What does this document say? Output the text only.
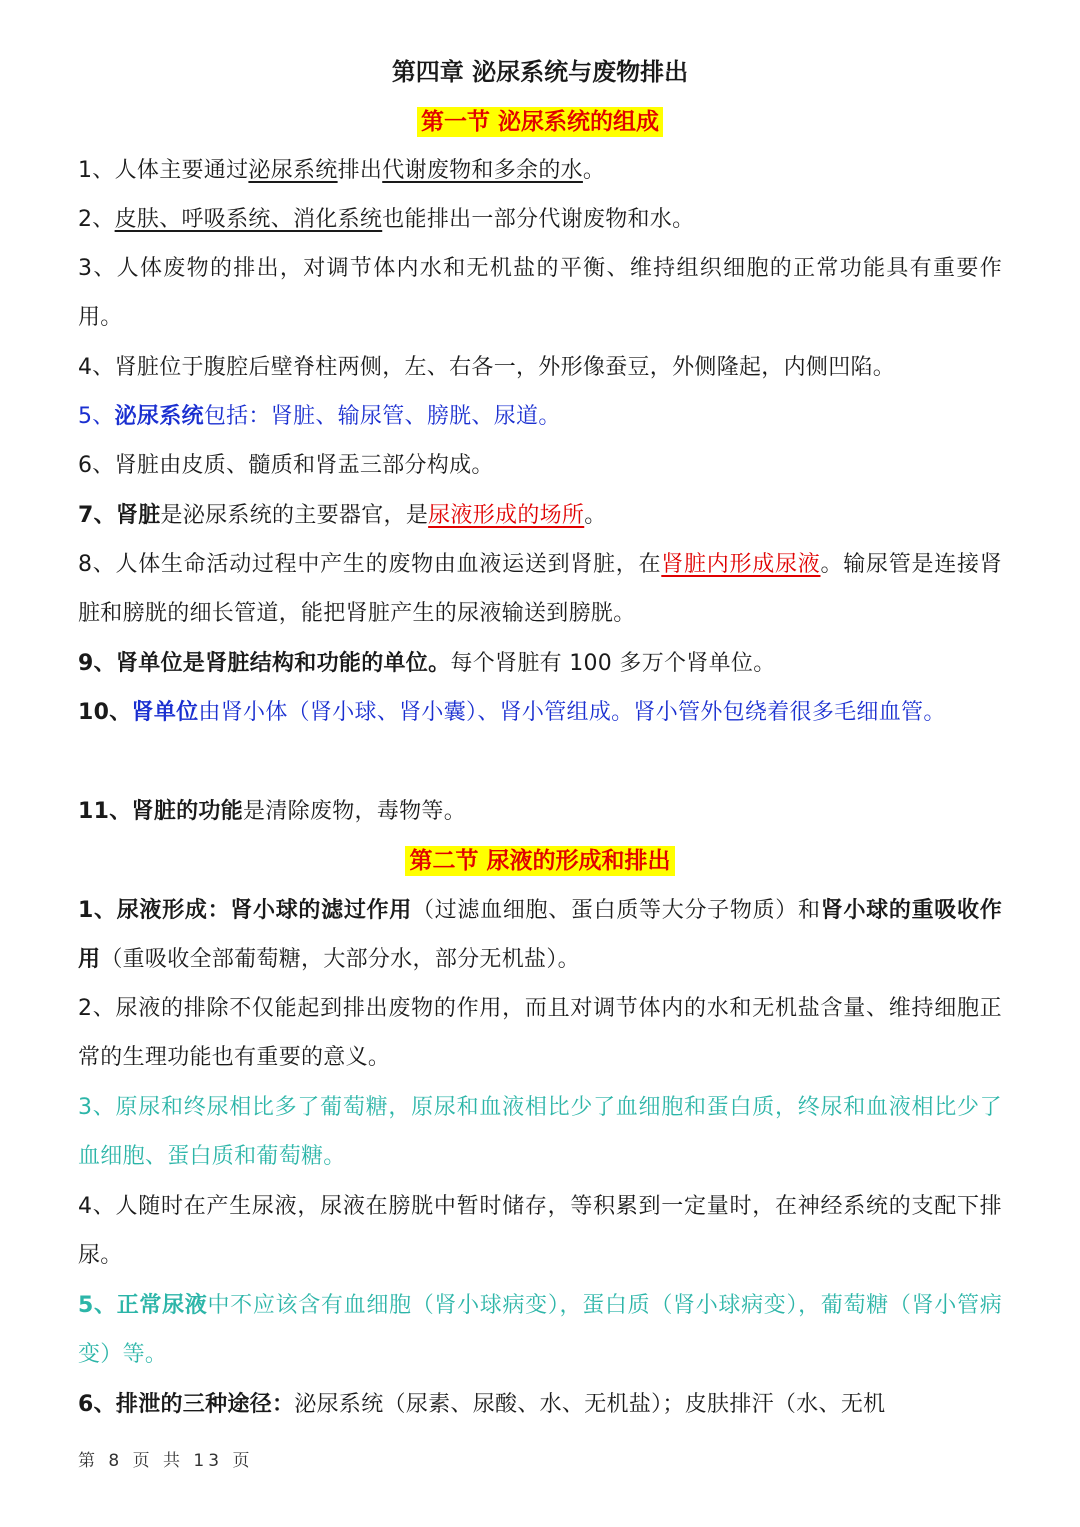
第四章 泌尿系统与废物排出
第一节 泌尿系统的组成
1、人体主要通过泌尿系统排出代谢废物和多余的水。
2、皮肤、呼吸系统、消化系统也能排出一部分代谢废物和水。
3、人体废物的排出，对调节体内水和无机盐的平衡、维持组织细胞的正常功能具有重要作用。
4、肾脏位于腹腔后壁脊柱两侧，左、右各一，外形像蚕豆，外侧隆起，内侧凹陷。
5、泌尿系统包括：肾脏、输尿管、膀胱、尿道。
6、肾脏由皮质、髓质和肾盂三部分构成。
7、肾脏是泌尿系统的主要器官，是尿液形成的场所。
8、人体生命活动过程中产生的废物由血液运送到肾脏，在肾脏内形成尿液。输尿管是连接肾脏和膀胱的细长管道，能把肾脏产生的尿液输送到膀胱。
9、肾单位是肾脏结构和功能的单位。每个肾脏有 100 多万个肾单位。
10、肾单位由肾小体（肾小球、肾小囊）、肾小管组成。肾小管外包绕着很多毛细血管。
11、肾脏的功能是清除废物，毒物等。
第二节 尿液的形成和排出
1、尿液形成：肾小球的滤过作用（过滤血细胞、蛋白质等大分子物质）和肾小球的重吸收作用（重吸收全部葡萄糖，大部分水，部分无机盐）。
2、尿液的排除不仅能起到排出废物的作用，而且对调节体内的水和无机盐含量、维持细胞正常的生理功能也有重要的意义。
3、原尿和终尿相比多了葡萄糖，原尿和血液相比少了血细胞和蛋白质，终尿和血液相比少了血细胞、蛋白质和葡萄糖。
4、人随时在产生尿液，尿液在膀胱中暂时储存，等积累到一定量时，在神经系统的支配下排尿。
5、正常尿液中不应该含有血细胞（肾小球病变），蛋白质（肾小球病变），葡萄糖（肾小管病变）等。
6、排泄的三种途径：泌尿系统（尿素、尿酸、水、无机盐）；皮肤排汗（水、无机
第 8 页 共 13 页
